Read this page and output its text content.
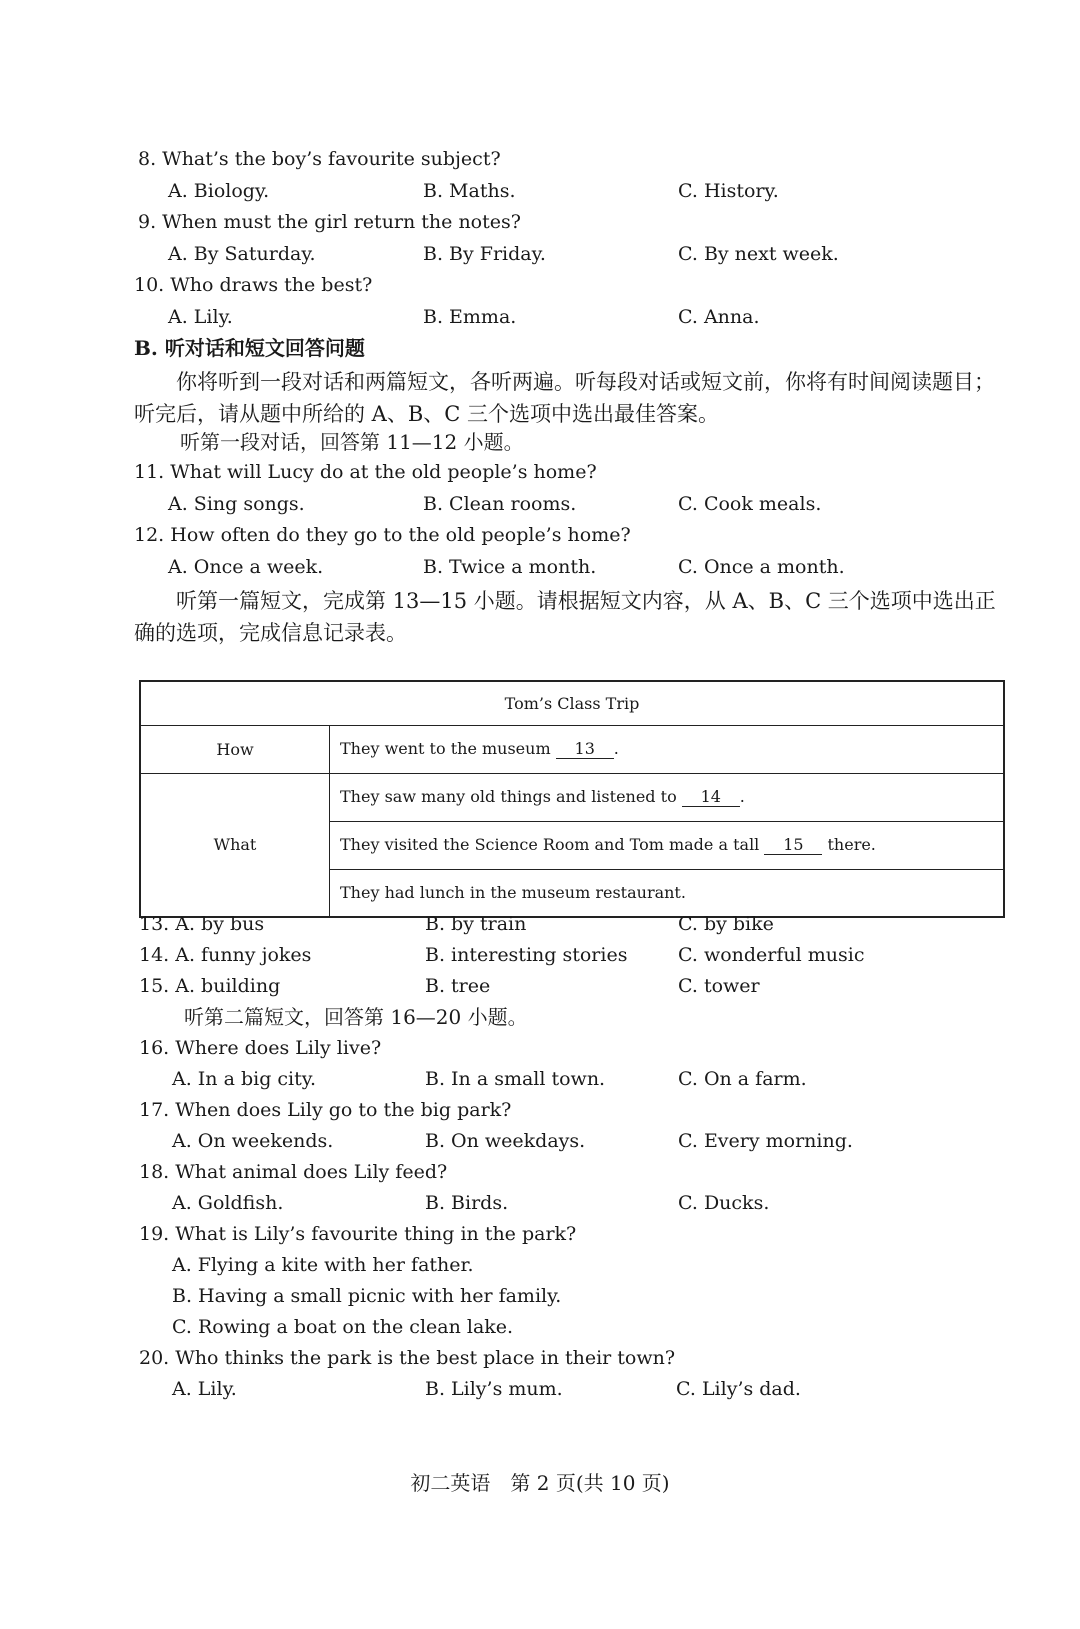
8. What’s the boy’s favourite subject?
A. Biology.	B. Maths.	C. History.
9. When must the girl return the notes?
A. By Saturday.	B. By Friday.	C. By next week.
10. Who draws the best?
A. Lily.	B. Emma.	C. Anna.
B. 听对话和短文回答问题
你将听到一段对话和两篇短文，各听两遍。听每段对话或短文前，你将有时间阅读题目；听完后，请从题中所给的 A、B、C 三个选项中选出最佳答案。
听第一段对话，回答第 11—12 小题。
11. What will Lucy do at the old people’s home?
A. Sing songs.	B. Clean rooms.	C. Cook meals.
12. How often do they go to the old people’s home?
A. Once a week.	B. Twice a month.	C. Once a month.
听第一篇短文，完成第 13—15 小题。请根据短文内容，从 A、B、C 三个选项中选出正确的选项，完成信息记录表。
Tom’s Class Trip	
How	They went to the museum 13 .
What	They saw many old things and listened to 14 .
	They visited the Science Room and Tom made a tall 15 there.
	They had lunch in the museum restaurant.
13. A. by bus	B. by train	C. by bike
14. A. funny jokes	B. interesting stories	C. wonderful music
15. A. building	B. tree	C. tower
听第二篇短文，回答第 16—20 小题。
16. Where does Lily live?
A. In a big city.	B. In a small town.	C. On a farm.
17. When does Lily go to the big park?
A. On weekends.	B. On weekdays.	C. Every morning.
18. What animal does Lily feed?
A. Goldfish.	B. Birds.	C. Ducks.
19. What is Lily’s favourite thing in the park?
A. Flying a kite with her father.
B. Having a small picnic with her family.
C. Rowing a boat on the clean lake.
20. Who thinks the park is the best place in their town?
A. Lily.	B. Lily’s mum.	C. Lily’s dad.
初二英语　第 2 页(共 10 页)
